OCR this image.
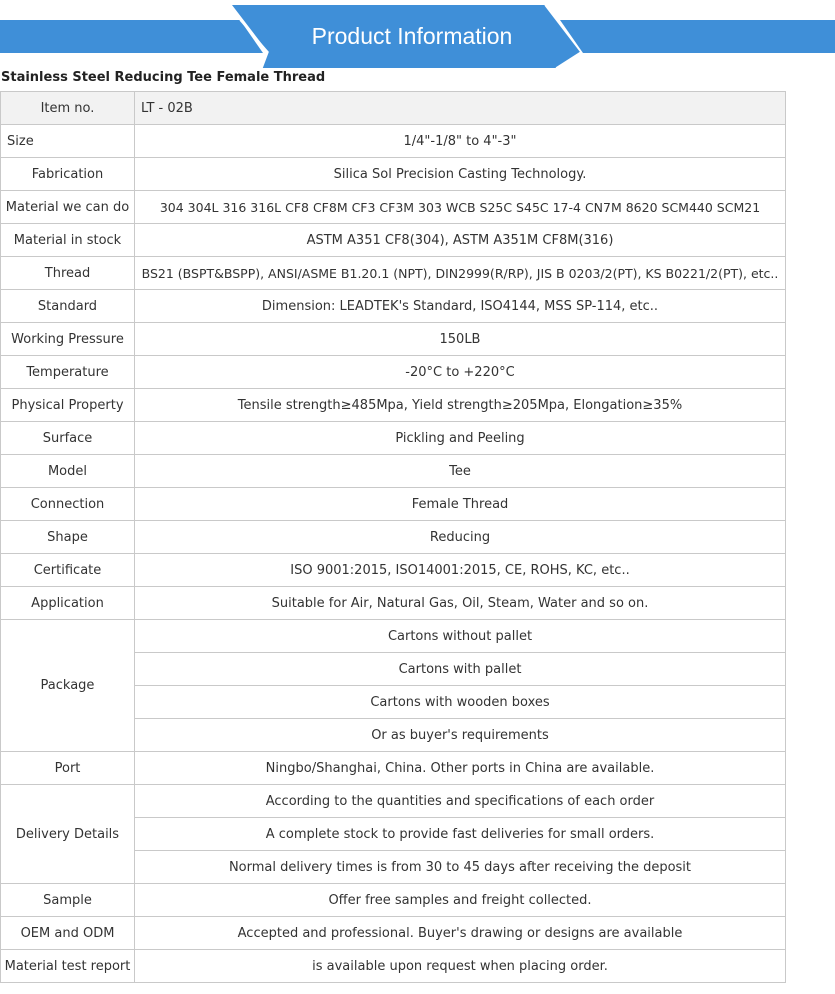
Product Information
Stainless Steel Reducing Tee Female Thread
Item no.	LT - 02B
Size	1/4"-1/8" to 4"-3"
Fabrication	Silica Sol Precision Casting Technology.
Material we can do	304 304L 316 316L CF8 CF8M CF3 CF3M 303 WCB S25C S45C 17-4 CN7M 8620 SCM440 SCM21
Material in stock	ASTM A351 CF8(304), ASTM A351M CF8M(316)
Thread	BS21 (BSPT&BSPP), ANSI/ASME B1.20.1 (NPT), DIN2999(R/RP), JIS B 0203/2(PT), KS B0221/2(PT), etc..
Standard	Dimension: LEADTEK's Standard, ISO4144, MSS SP-114, etc..
Working Pressure	150LB
Temperature	-20°C to +220°C
Physical Property	Tensile strength≥485Mpa, Yield strength≥205Mpa, Elongation≥35%
Surface	Pickling and Peeling
Model	Tee
Connection	Female Thread
Shape	Reducing
Certificate	ISO 9001:2015, ISO14001:2015, CE, ROHS, KC, etc..
Application	Suitable for Air, Natural Gas, Oil, Steam, Water and so on.
Package	Cartons without pallet
	Cartons with pallet
	Cartons with wooden boxes
	Or as buyer's requirements
Port	Ningbo/Shanghai, China. Other ports in China are available.
Delivery Details	According to the quantities and specifications of each order
	A complete stock to provide fast deliveries for small orders.
	Normal delivery times is from 30 to 45 days after receiving the deposit
Sample	Offer free samples and freight collected.
OEM and ODM	Accepted and professional. Buyer's drawing or designs are available
Material test report	is available upon request when placing order.
